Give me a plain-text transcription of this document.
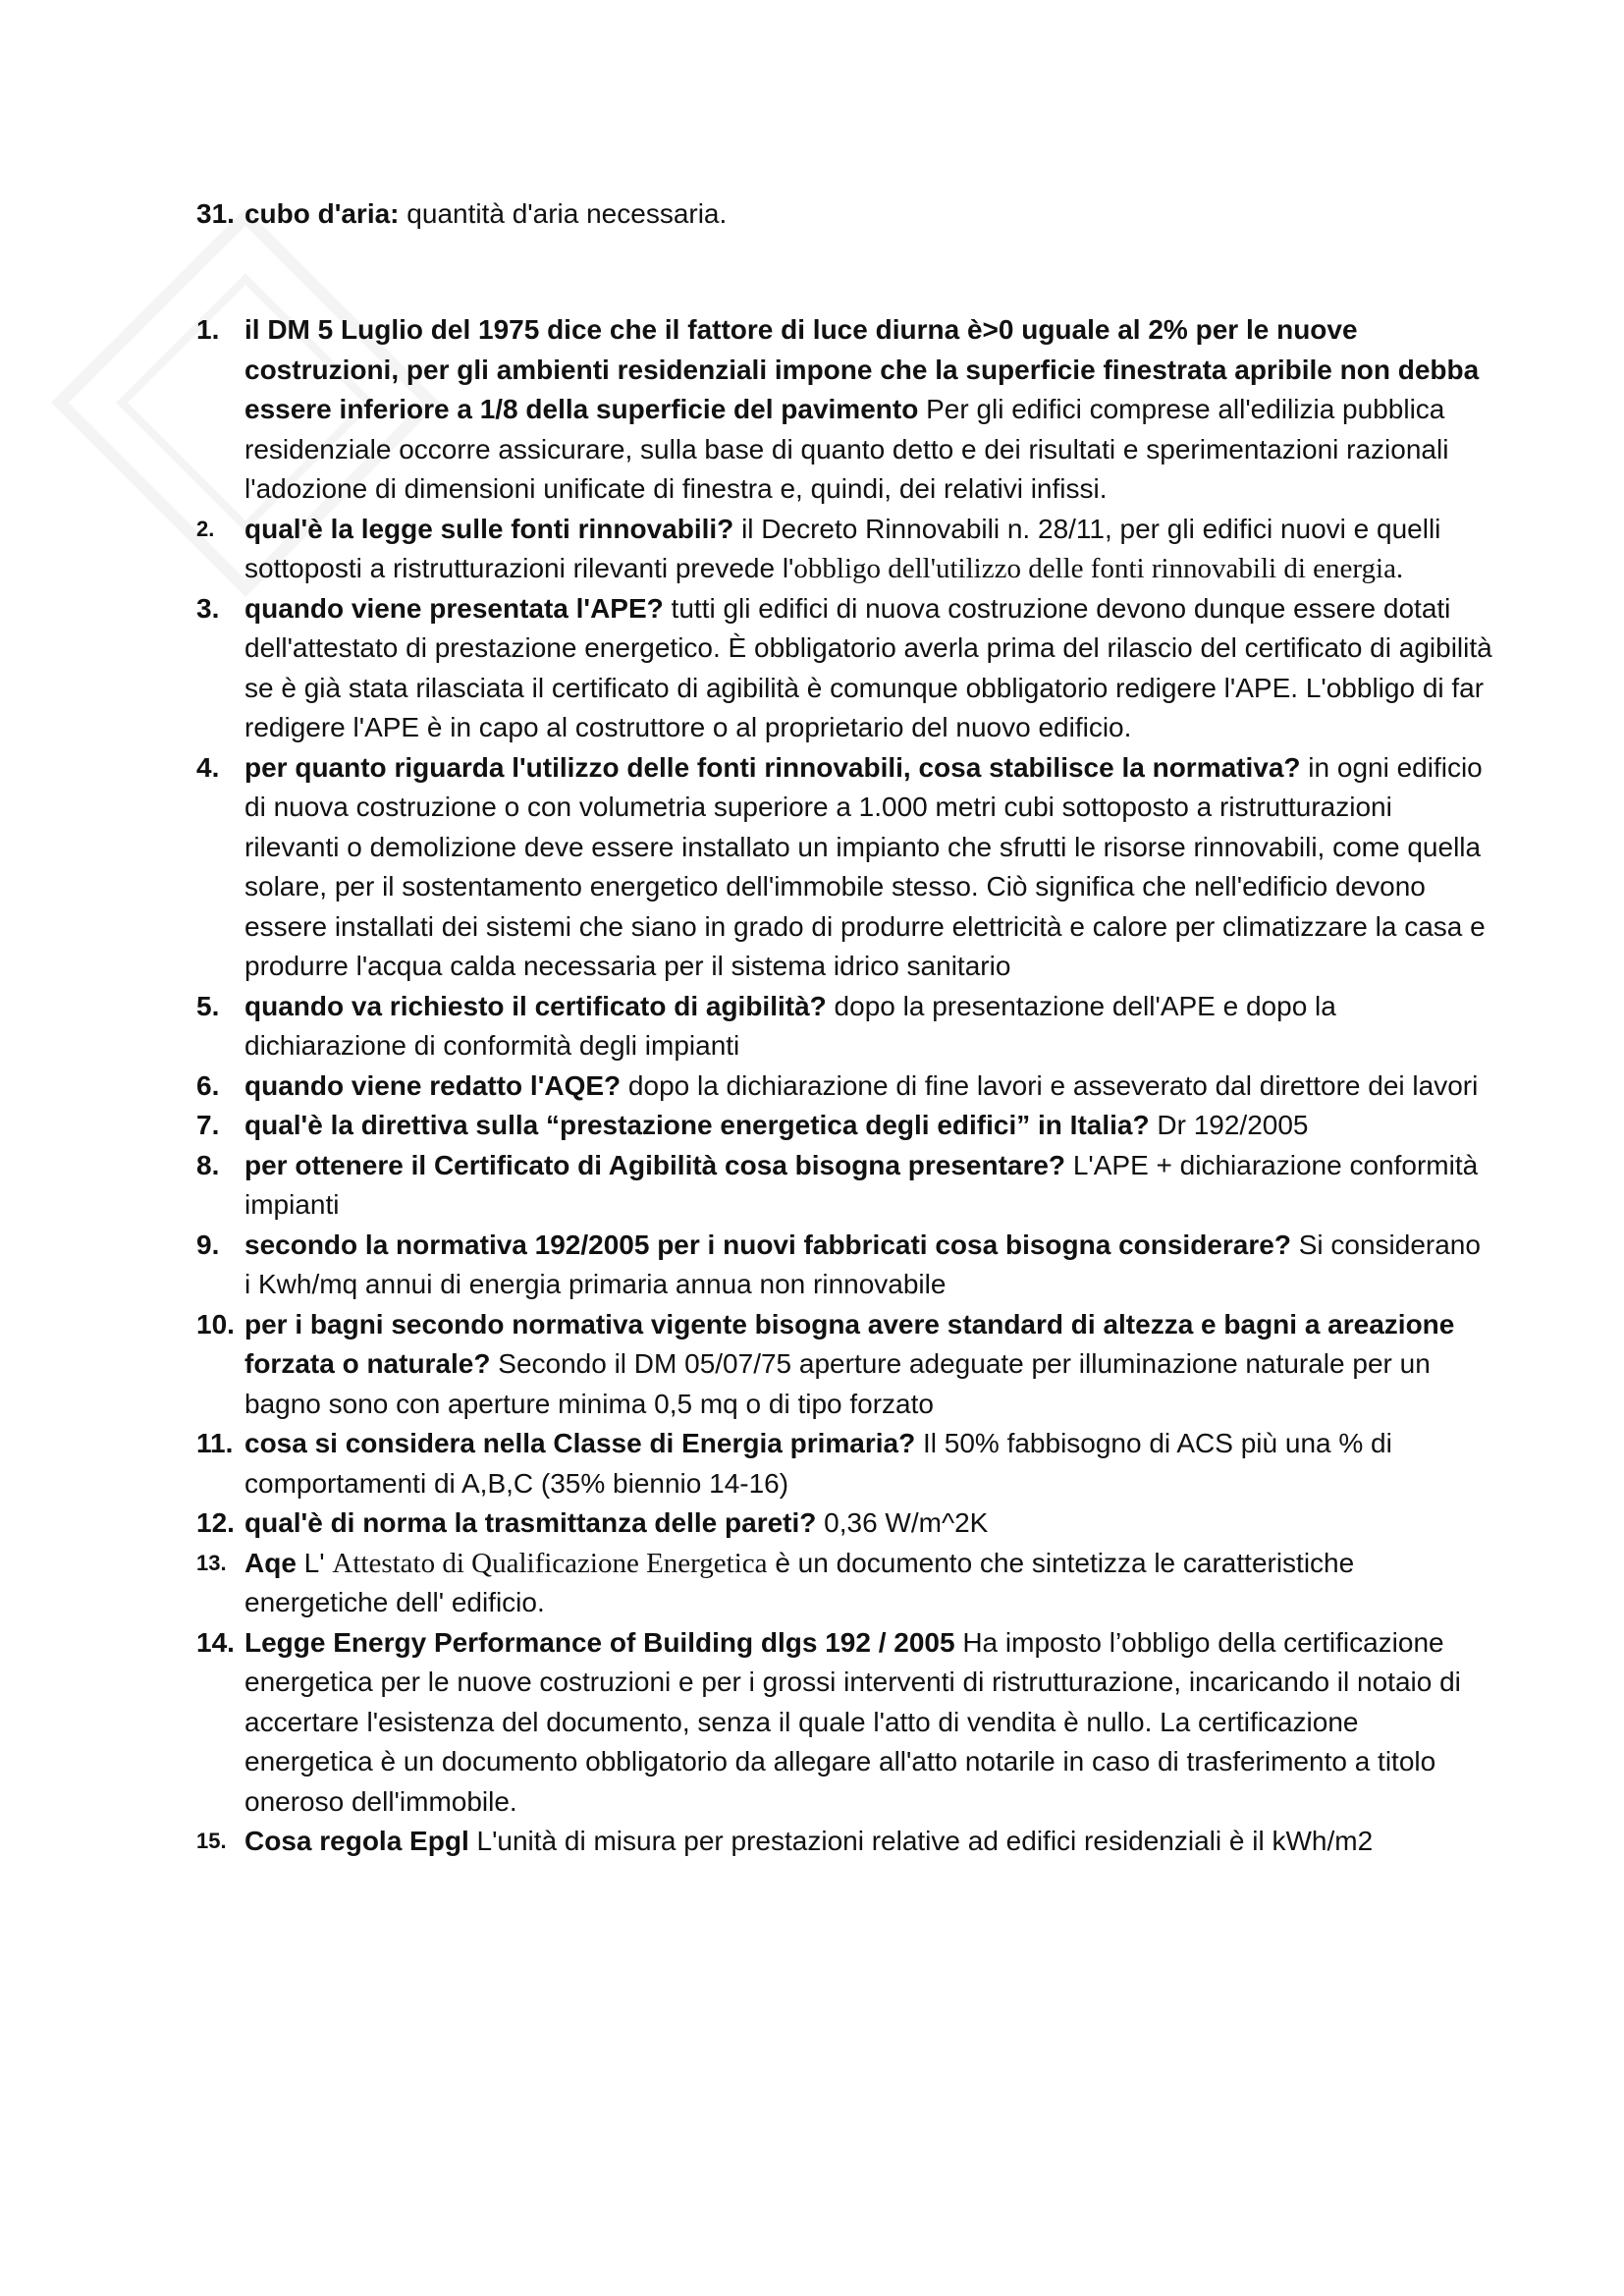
31. cubo d'aria: quantità d'aria necessaria.
1. il DM 5 Luglio del 1975 dice che il fattore di luce diurna è>0 uguale al 2% per le nuove costruzioni, per gli ambienti residenziali impone che la superficie finestrata apribile non debba essere inferiore a 1/8 della superficie del pavimento Per gli edifici comprese all'edilizia pubblica residenziale occorre assicurare, sulla base di quanto detto e dei risultati e sperimentazioni razionali l'adozione di dimensioni unificate di finestra e, quindi, dei relativi infissi.
2.	qual'è la legge sulle fonti rinnovabili? il Decreto Rinnovabili n. 28/11, per gli edifici nuovi e quelli sottoposti a ristrutturazioni rilevanti prevede l'obbligo dell'utilizzo delle fonti rinnovabili di energia.
3. quando viene presentata l'APE? tutti gli edifici di nuova costruzione devono dunque essere dotati dell'attestato di prestazione energetico. È obbligatorio averla prima del rilascio del certificato di agibilità se è già stata rilasciata il certificato di agibilità è comunque obbligatorio redigere l'APE. L'obbligo di far redigere l'APE è in capo al costruttore o al proprietario del nuovo edificio.
4. per quanto riguarda l'utilizzo delle fonti rinnovabili, cosa stabilisce la normativa? in ogni edificio di nuova costruzione o con volumetria superiore a 1.000 metri cubi sottoposto a ristrutturazioni rilevanti o demolizione deve essere installato un impianto che sfrutti le risorse rinnovabili, come quella solare, per il sostentamento energetico dell'immobile stesso. Ciò significa che nell'edificio devono essere installati dei sistemi che siano in grado di produrre elettricità e calore per climatizzare la casa e produrre l'acqua calda necessaria per il sistema idrico sanitario
5. quando va richiesto il certificato di agibilità? dopo la presentazione dell'APE e dopo la dichiarazione di conformità degli impianti
6. quando viene redatto l'AQE? dopo la dichiarazione di fine lavori e asseverato dal direttore dei lavori
7. qual'è la direttiva sulla “prestazione energetica degli edifici” in Italia? Dr 192/2005
8. per ottenere il Certificato di Agibilità cosa bisogna presentare? L'APE + dichiarazione conformità impianti
9. secondo la normativa 192/2005 per i nuovi fabbricati cosa bisogna considerare? Si considerano i Kwh/mq annui di energia primaria annua non rinnovabile
10. per i bagni secondo normativa vigente bisogna avere standard di altezza e bagni a areazione forzata o naturale? Secondo il DM 05/07/75 aperture adeguate per illuminazione naturale per un bagno sono con aperture minima 0,5 mq o di tipo forzato
11. cosa si considera nella Classe di Energia primaria? Il 50% fabbisogno di ACS più una % di comportamenti di A,B,C (35% biennio 14-16)
12. qual'è di norma la trasmittanza delle pareti? 0,36 W/m^2K
13. Aqe L' Attestato di Qualificazione Energetica è un documento che sintetizza le caratteristiche energetiche dell' edificio.
14. Legge Energy Performance of Building dlgs 192 / 2005 Ha imposto l’obbligo della certificazione energetica per le nuove costruzioni e per i grossi interventi di ristrutturazione, incaricando il notaio di accertare l'esistenza del documento, senza il quale l'atto di vendita è nullo. La certificazione energetica è un documento obbligatorio da allegare all'atto notarile in caso di trasferimento a titolo oneroso dell'immobile.
15. Cosa regola Epgl L'unità di misura per prestazioni relative ad edifici residenziali è il kWh/m2
